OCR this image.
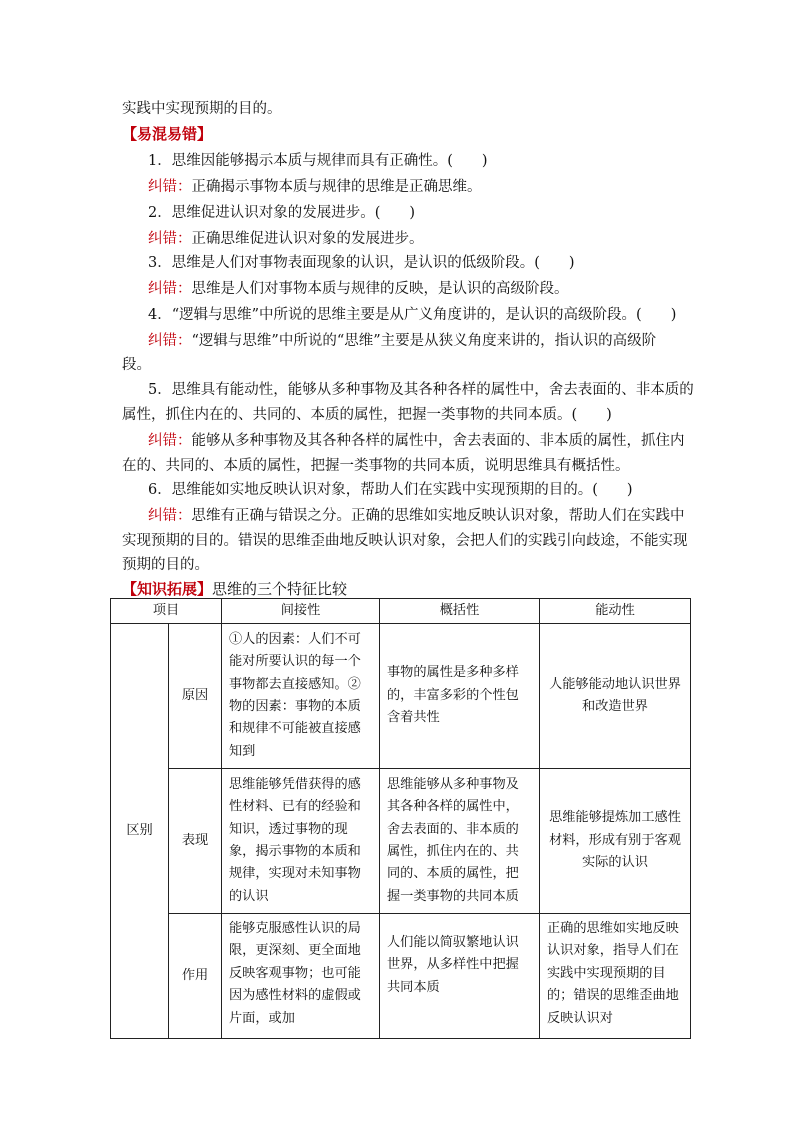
实践中实现预期的目的。
【易混易错】
1．思维因能够揭示本质与规律而具有正确性。(　　)
纠错：正确揭示事物本质与规律的思维是正确思维。
2．思维促进认识对象的发展进步。(　　)
纠错：正确思维促进认识对象的发展进步。
3．思维是人们对事物表面现象的认识，是认识的低级阶段。(　　)
纠错：思维是人们对事物本质与规律的反映，是认识的高级阶段。
4．“逻辑与思维”中所说的思维主要是从广义角度讲的，是认识的高级阶段。(　　)
纠错：“逻辑与思维”中所说的“思维”主要是从狭义角度来讲的，指认识的高级阶
段。
5．思维具有能动性，能够从多种事物及其各种各样的属性中，舍去表面的、非本质的
属性，抓住内在的、共同的、本质的属性，把握一类事物的共同本质。(　　)
纠错：能够从多种事物及其各种各样的属性中，舍去表面的、非本质的属性，抓住内
在的、共同的、本质的属性，把握一类事物的共同本质，说明思维具有概括性。
6．思维能如实地反映认识对象，帮助人们在实践中实现预期的目的。(　　)
纠错：思维有正确与错误之分。正确的思维如实地反映认识对象，帮助人们在实践中
实现预期的目的。错误的思维歪曲地反映认识对象，会把人们的实践引向歧途，不能实现
预期的目的。
【知识拓展】思维的三个特征比较
项目		间接性	概括性	能动性
区别	原因	①人的因素：人们不可能对所要认识的每一个事物都去直接感知。②物的因素：事物的本质和规律不可能被直接感知到	事物的属性是多种多样的，丰富多彩的个性包含着共性	人能够能动地认识世界和改造世界
	表现	思维能够凭借获得的感性材料、已有的经验和知识，透过事物的现象，揭示事物的本质和规律，实现对未知事物的认识	思维能够从多种事物及其各种各样的属性中，舍去表面的、非本质的属性，抓住内在的、共同的、本质的属性，把握一类事物的共同本质	思维能够提炼加工感性材料，形成有别于客观实际的认识
	作用	能够克服感性认识的局限，更深刻、更全面地反映客观事物；也可能因为感性材料的虚假或片面，或加	人们能以简驭繁地认识世界，从多样性中把握共同本质	正确的思维如实地反映认识对象，指导人们在实践中实现预期的目的；错误的思维歪曲地反映认识对
